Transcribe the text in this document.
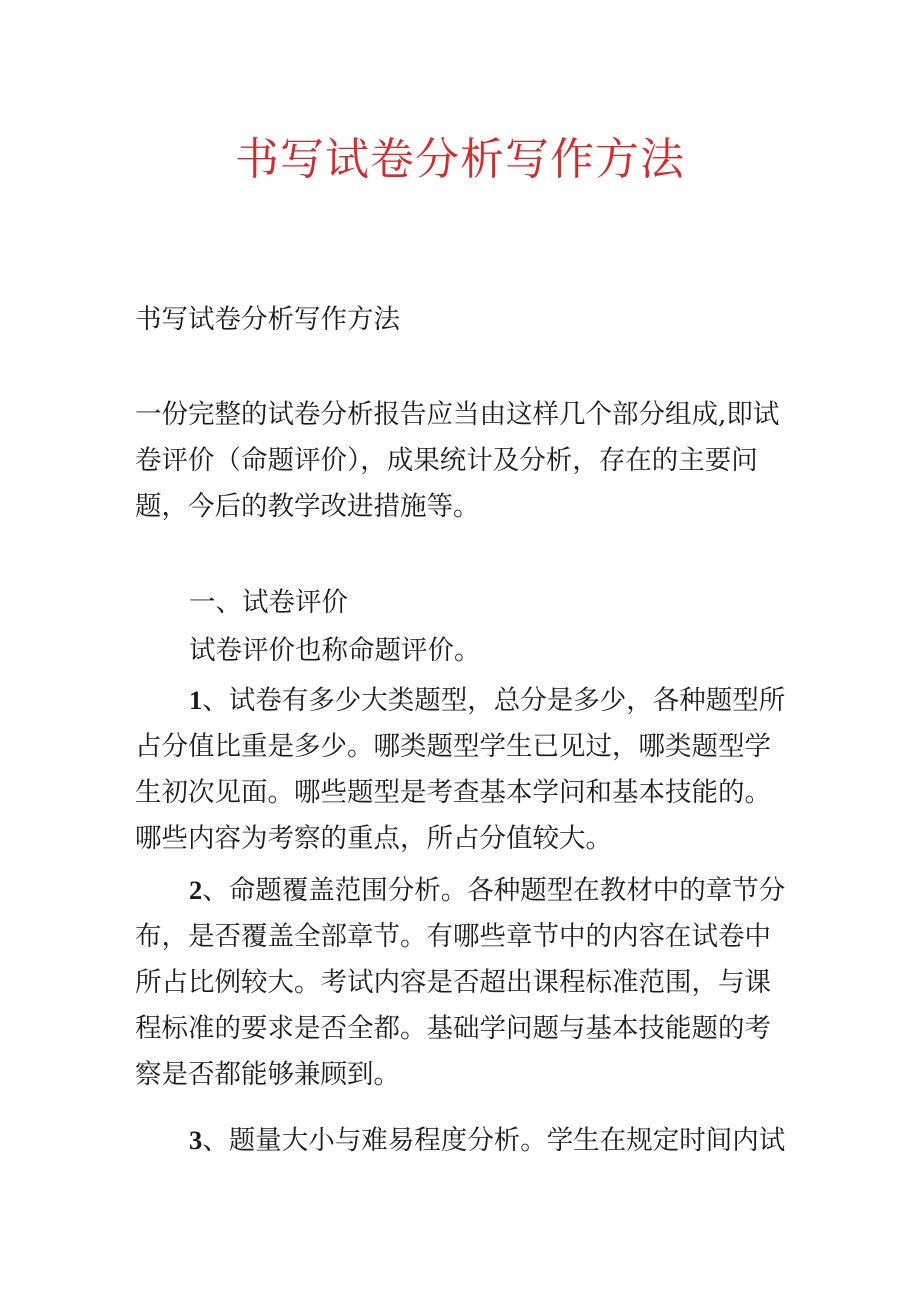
书写试卷分析写作方法

书写试卷分析写作方法

一份完整的试卷分析报告应当由这样几个部分组成,即试卷评价（命题评价），成果统计及分析，存在的主要问题，今后的教学改进措施等。

一、试卷评价

试卷评价也称命题评价。

1、试卷有多少大类题型，总分是多少，各种题型所占分值比重是多少。哪类题型学生已见过，哪类题型学生初次见面。哪些题型是考查基本学问和基本技能的。哪些内容为考察的重点，所占分值较大。

2、命题覆盖范围分析。各种题型在教材中的章节分布，是否覆盖全部章节。有哪些章节中的内容在试卷中所占比例较大。考试内容是否超出课程标准范围，与课程标准的要求是否全都。基础学问题与基本技能题的考察是否都能够兼顾到。

3、题量大小与难易程度分析。学生在规定时间内试
